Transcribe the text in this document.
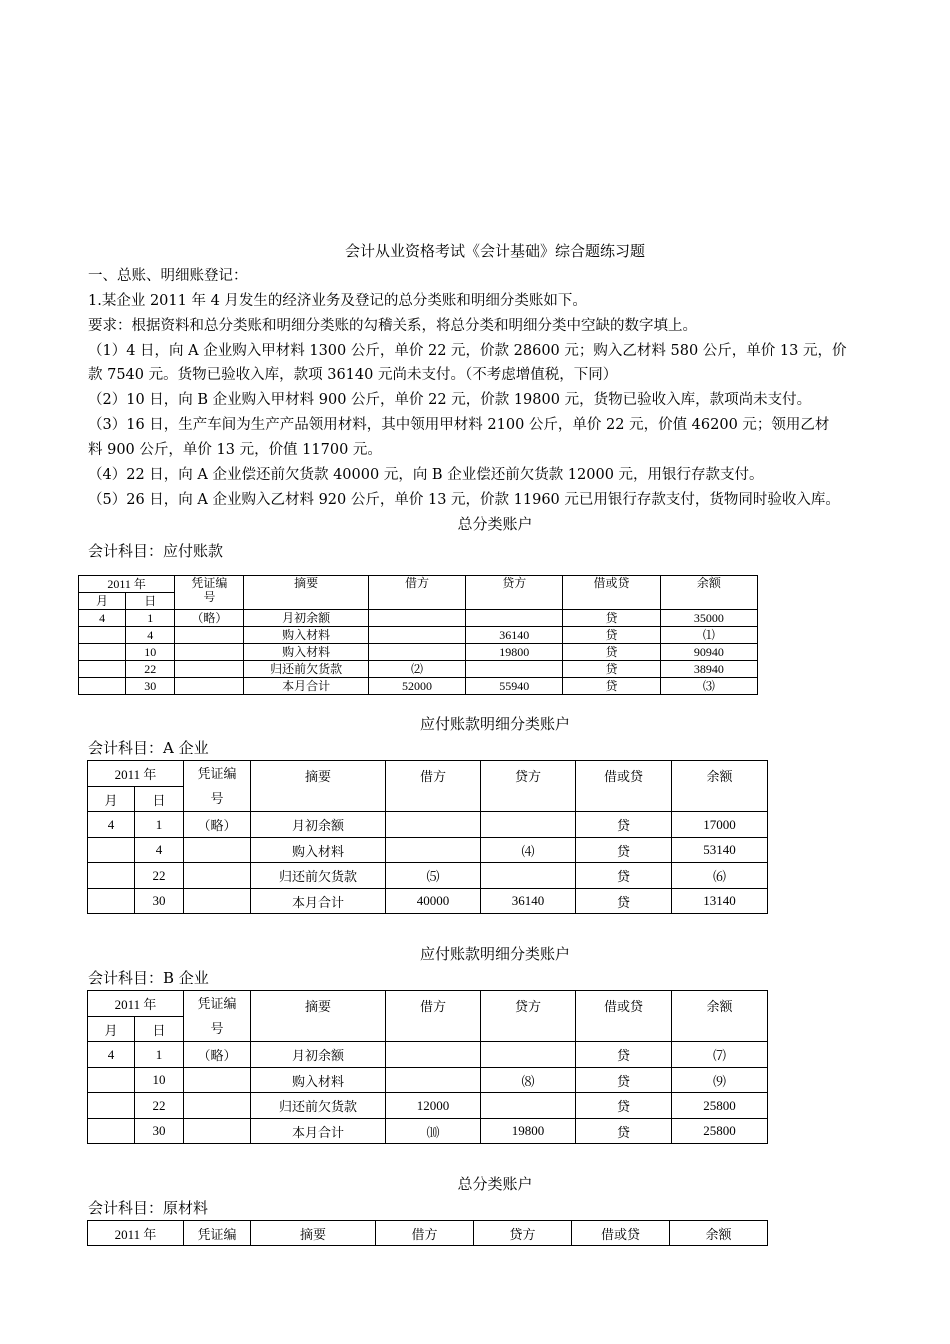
会计从业资格考试《会计基础》综合题练习题
一、总账、明细账登记：
1.某企业 2011 年 4 月发生的经济业务及登记的总分类账和明细分类账如下。
要求：根据资料和总分类账和明细分类账的勾稽关系，将总分类和明细分类中空缺的数字填上。
（1）4 日，向 A 企业购入甲材料 1300 公斤，单价 22 元，价款 28600 元；购入乙材料 580 公斤，单价 13 元，价
款 7540 元。货物已验收入库，款项 36140 元尚未支付。（不考虑增值税，下同）
（2）10 日，向 B 企业购入甲材料 900 公斤，单价 22 元，价款 19800 元，货物已验收入库，款项尚未支付。
（3）16 日，生产车间为生产产品领用材料，其中领用甲材料 2100 公斤，单价 22 元，价值 46200 元；领用乙材
料 900 公斤，单价 13 元，价值 11700 元。
（4）22 日，向 A 企业偿还前欠货款 40000 元，向 B 企业偿还前欠货款 12000 元，用银行存款支付。
（5）26 日，向 A 企业购入乙材料 920 公斤，单价 13 元，价款 11960 元已用银行存款支付，货物同时验收入库。
总分类账户
会计科目：应付账款
2011 年		凭证编
号	摘要	借方	贷方	借或贷	余额
月	日						
4	1	（略）	月初余额			贷	35000
	4		购入材料		36140	贷	⑴
	10		购入材料		19800	贷	90940
	22		归还前欠货款	⑵		贷	38940
	30		本月合计	52000	55940	贷	⑶
应付账款明细分类账户
会计科目：A 企业
2011 年		凭证编
号	摘要	借方	贷方	借或贷	余额
月	日						
4	1	（略）	月初余额			贷	17000
	4		购入材料		⑷	贷	53140
	22		归还前欠货款	⑸		贷	⑹
	30		本月合计	40000	36140	贷	13140
应付账款明细分类账户
会计科目：B 企业
2011 年		凭证编
号	摘要	借方	贷方	借或贷	余额
月	日						
4	1	（略）	月初余额			贷	⑺
	10		购入材料		⑻	贷	⑼
	22		归还前欠货款	12000		贷	25800
	30		本月合计	⑽	19800	贷	25800
总分类账户
会计科目：原材料
2011 年	凭证编	摘要	借方	贷方	借或贷	余额
